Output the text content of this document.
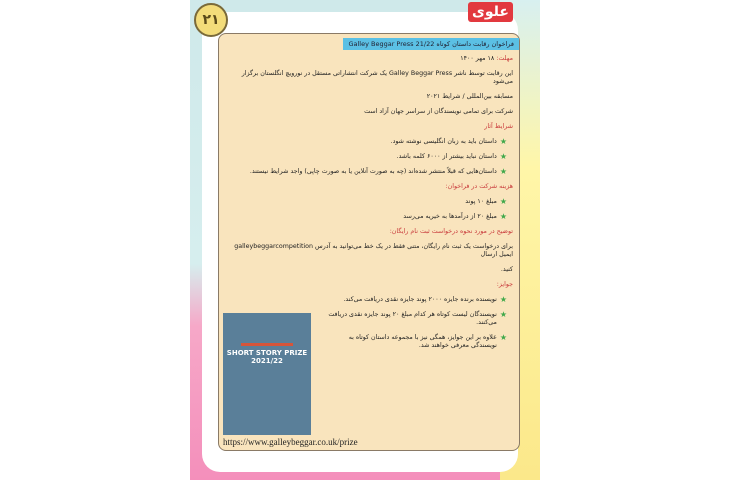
۲۱	علوی
فراخوان رقابت داستان کوتاه Galley Beggar Press 21/22
مهلت: ۱۸ مهر ۱۴۰۰
این رقابت توسط ناشر Galley Beggar Press یک شرکت انتشاراتی مستقل در نورویچ انگلستان برگزار می‌شود
مسابقه بین‌المللی / شرایط ۲۰۲۱
شرکت برای تمامی نویسندگان از سراسر جهان آزاد است
شرایط آثار
★
داستان باید به زبان انگلیسی نوشته شود.
★
داستان نباید بیشتر از ۶۰۰۰ کلمه باشد.
★
داستان‌هایی که قبلاً منتشر شده‌اند (چه به صورت آنلاین یا به صورت چاپی) واجد شرایط نیستند.
هزینه شرکت در فراخوان:
★
مبلغ ۱۰ پوند
★
مبلغ ۲۰ از درآمدها به خیریه می‌رسد
توضیح در مورد نحوه درخواست ثبت نام رایگان:
برای درخواست یک ثبت نام رایگان، متنی فقط در یک خط می‌توانید به آدرس galleybeggarcompetition ایمیل ارسال
کنید.
جوایز:
★
نویسنده برنده جایزه ۲۰۰۰ پوند جایزه نقدی دریافت می‌کند.
★
نویسندگان لیست کوتاه هر کدام مبلغ ۲۰ پوند جایزه نقدی دریافت می‌کنند.
★
علاوه بر این جوایز، همگی نیز با مجموعه داستان کوتاه به نویسندگی معرفی خواهند شد.
SHORT STORY PRIZE 2021/22
https://www.galleybeggar.co.uk/prize
